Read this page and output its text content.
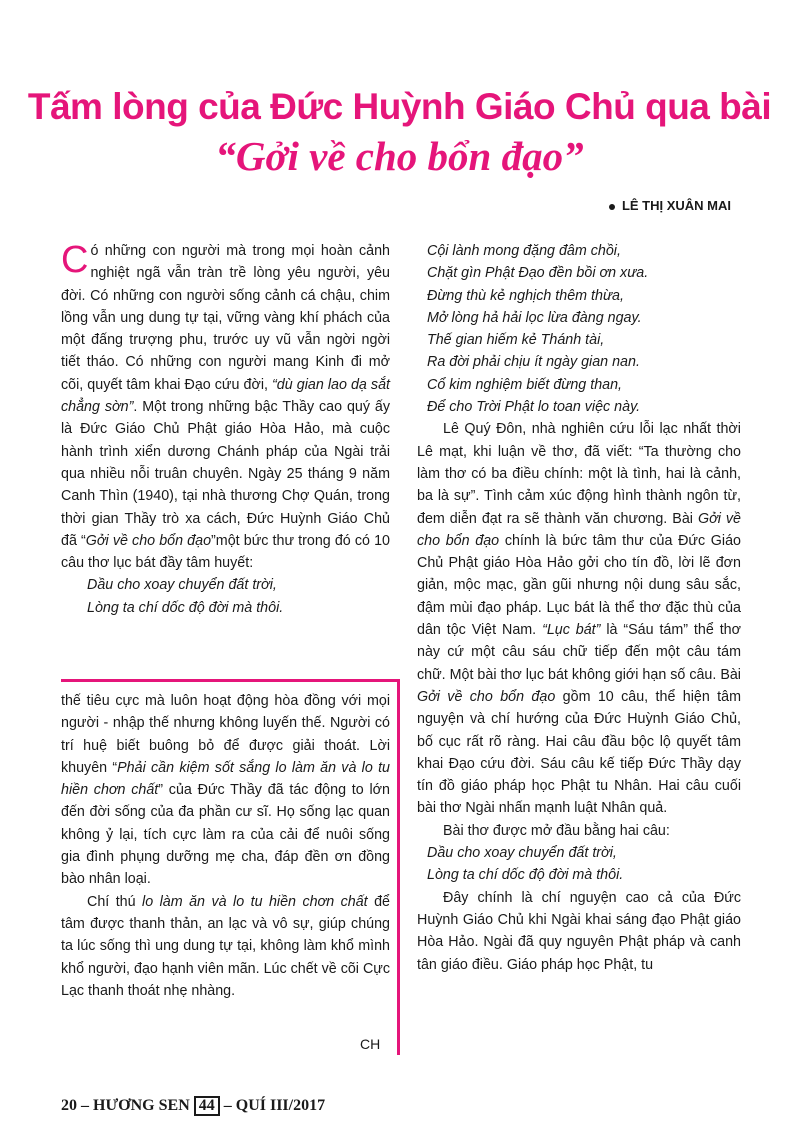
Tấm lòng của Đức Huỳnh Giáo Chủ qua bài
“Gởi về cho bổn đạo”
LÊ THỊ XUÂN MAI

Có những con người mà trong mọi hoàn cảnh nghiệt ngã vẫn tràn trề lòng yêu người, yêu đời. Có những con người sống cảnh cá chậu, chim lồng vẫn ung dung tự tại, vững vàng khí phách của một đấng trượng phu, trước uy vũ vẫn ngời ngời tiết tháo. Có những con người mang Kinh đi mở cõi, quyết tâm khai Đạo cứu đời, “dù gian lao dạ sắt chẳng sờn”. Một trong những bậc Thầy cao quý ấy là Đức Giáo Chủ Phật giáo Hòa Hảo, mà cuộc hành trình xiển dương Chánh pháp của Ngài trải qua nhiều nỗi truân chuyên. Ngày 25 tháng 9 năm Canh Thìn (1940), tại nhà thương Chợ Quán, trong thời gian Thầy trò xa cách, Đức Huỳnh Giáo Chủ đã “Gởi về cho bổn đạo”một bức thư trong đó có 10 câu thơ lục bát đầy tâm huyết:

Dầu cho xoay chuyển đất trời,

Lòng ta chí dốc độ đời mà thôi.

thế tiêu cực mà luôn hoạt động hòa đồng với mọi người - nhập thế nhưng không luyến thế. Người có trí huệ biết buông bỏ để được giải thoát. Lời khuyên “Phải cần kiệm sốt sắng lo làm ăn và lo tu hiền chơn chất” của Đức Thầy đã tác động to lớn đến đời sống của đa phần cư sĩ. Họ sống lạc quan không ỷ lại, tích cực làm ra của cải để nuôi sống gia đình phụng dưỡng mẹ cha, đáp đền ơn đồng bào nhân loại.

Chí thú lo làm ăn và lo tu hiền chơn chất để tâm được thanh thản, an lạc và vô sự, giúp chúng ta lúc sống thì ung dung tự tại, không làm khổ mình khổ người, đạo hạnh viên mãn. Lúc chết về cõi Cực Lạc thanh thoát nhẹ nhàng.

CH

Cội lành mong đặng đâm chồi,

Chặt gìn Phật Đạo đền bồi ơn xưa.

Đừng thù kẻ nghịch thêm thừa,

Mở lòng hả hải lọc lừa đàng ngay.

Thế gian hiếm kẻ Thánh tài,

Ra đời phải chịu ít ngày gian nan.

Cổ kim nghiệm biết đừng than,

Để cho Trời Phật lo toan việc này.

Lê Quý Đôn, nhà nghiên cứu lỗi lạc nhất thời Lê mạt, khi luận về thơ, đã viết: “Ta thường cho làm thơ có ba điều chính: một là tình, hai là cảnh, ba là sự”. Tình cảm xúc động hình thành ngôn từ, đem diễn đạt ra sẽ thành văn chương. Bài Gởi về cho bổn đạo chính là bức tâm thư của Đức Giáo Chủ Phật giáo Hòa Hảo gởi cho tín đồ, lời lẽ đơn giản, mộc mạc, gần gũi nhưng nội dung sâu sắc, đậm mùi đạo pháp. Lục bát là thể thơ đặc thù của dân tộc Việt Nam. “Lục bát” là “Sáu tám” thể thơ này cứ một câu sáu chữ tiếp đến một câu tám chữ. Một bài thơ lục bát không giới hạn số câu. Bài Gởi về cho bổn đạo gồm 10 câu, thể hiện tâm nguyện và chí hướng của Đức Huỳnh Giáo Chủ, bố cục rất rõ ràng. Hai câu đầu bộc lộ quyết tâm khai Đạo cứu đời. Sáu câu kế tiếp Đức Thầy dạy tín đồ giáo pháp học Phật tu Nhân. Hai câu cuối bài thơ Ngài nhấn mạnh luật Nhân quả.

Bài thơ được mở đầu bằng hai câu:

Dầu cho xoay chuyển đất trời,

Lòng ta chí dốc độ đời mà thôi.

Đây chính là chí nguyện cao cả của Đức Huỳnh Giáo Chủ khi Ngài khai sáng đạo Phật giáo Hòa Hảo. Ngài đã quy nguyên Phật pháp và canh tân giáo điều. Giáo pháp học Phật, tu

20 – HƯƠNG SEN 44 – QUÍ III/2017
